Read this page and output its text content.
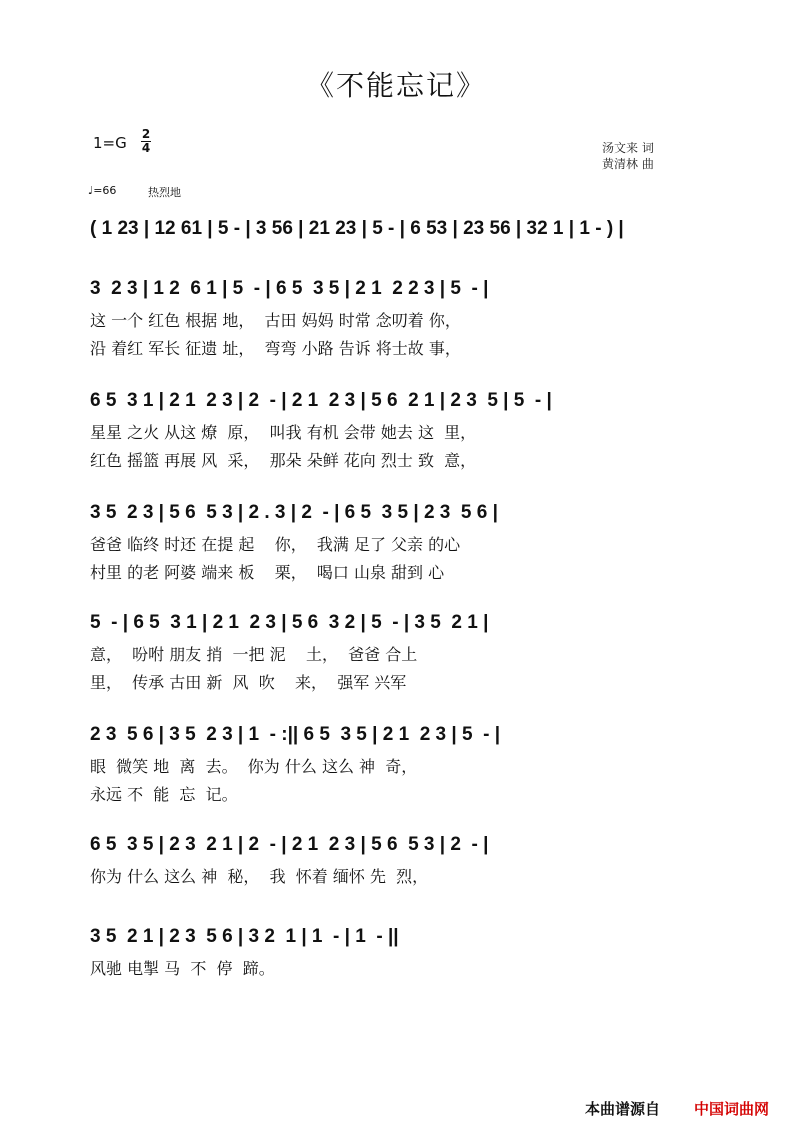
《不能忘记》
$1=G \frac{2}{4}$	汤文来 词
黄清林 曲
♩=66	热烈地
( 1 23 | 12 61 | 5 - | 3 56 | 21 23 | 5 - | 6 53 | 23 56 | 32 1 | 1 - ) |
3  2 3 | 1 2  6 1 | 5  - | 6 5  3 5 | 2 1  2 2 3 | 5  - |
这 一个 红色 根据 地，  古田 妈妈 时常 念叨着 你，
沿 着红 军长 征遗 址，  弯弯 小路 告诉 将士故 事，
6 5  3 1 | 2 1  2 3 | 2  - | 2 1  2 3 | 5 6  2 1 | 2 3  5 | 5  - |
星星 之火 从这 燎  原，  叫我 有机 会带 她去 这  里，
红色 摇篮 再展 风  采，  那朵 朵鲜 花向 烈士 致  意，
3 5  2 3 | 5 6  5 3 | 2 . 3 | 2  - | 6 5  3 5 | 2 3  5 6 |
爸爸 临终 时还 在提 起    你，  我满 足了 父亲 的心
村里 的老 阿婆 端来 板    栗，  喝口 山泉 甜到 心
5  - | 6 5  3 1 | 2 1  2 3 | 5 6  3 2 | 5  - | 3 5  2 1 |
意，  吩咐 朋友 捎  一把 泥    土，  爸爸 合上
里，  传承 古田 新  风  吹    来，  强军 兴军
2 3  5 6 | 3 5  2 3 | 1  - :|| 6 5  3 5 | 2 1  2 3 | 5  - |
眼  微笑 地  离  去。  你为 什么 这么 神  奇，
永远 不  能  忘  记。
6 5  3 5 | 2 3  2 1 | 2  - | 2 1  2 3 | 5 6  5 3 | 2  - |
你为 什么 这么 神  秘，  我  怀着 缅怀 先  烈，
3 5  2 1 | 2 3  5 6 | 3 2  1 | 1  - | 1  - ||
风驰 电掣 马  不  停  蹄。
本曲谱源自 中国词曲网
